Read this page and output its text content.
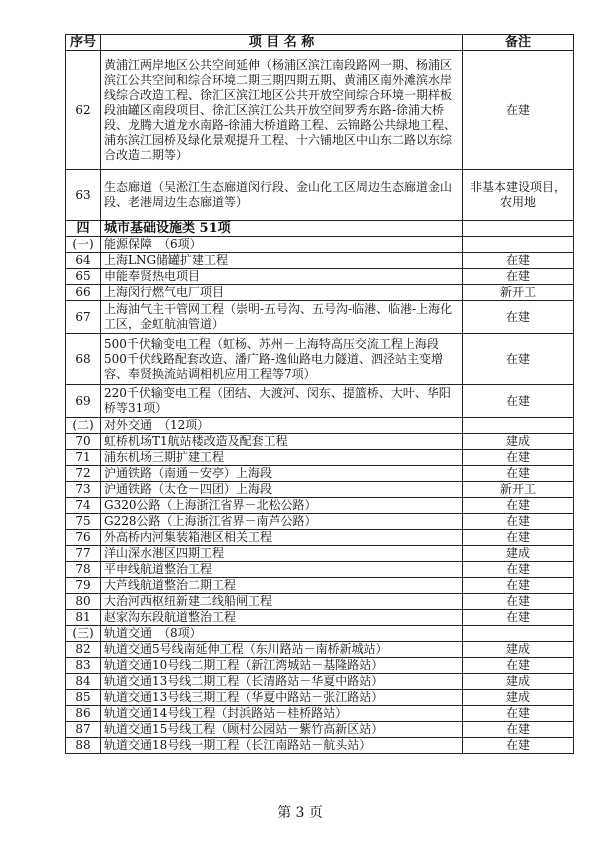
序号	项 目 名 称	备注
62	黄浦江两岸地区公共空间延伸（杨浦区滨江南段路网一期、杨浦区滨江公共空间和综合环境二期三期四期五期、黄浦区南外滩滨水岸线综合改造工程、徐汇区滨江地区公共开放空间综合环境一期样板段油罐区南段项目、徐汇区滨江公共开放空间罗秀东路-徐浦大桥段、龙腾大道龙水南路-徐浦大桥道路工程、云锦路公共绿地工程、浦东滨江园桥及绿化景观提升工程、十六铺地区中山东二路以东综合改造二期等）	在建
63	生态廊道（吴淞江生态廊道闵行段、金山化工区周边生态廊道金山段、老港周边生态廊道等）	非基本建设项目，农用地
四	城市基础设施类 51项	
(一)	能源保障　（6项）	
64	上海LNG储罐扩建工程	在建
65	申能奉贤热电项目	在建
66	上海闵行燃气电厂项目	新开工
67	上海油气主干管网工程（崇明-五号沟、五号沟-临港、临港-上海化工区，金虹航油管道）	在建
68	500千伏输变电工程（虹杨、苏州－上海特高压交流工程上海段500千伏线路配套改造、潘广路-逸仙路电力隧道、泗泾站主变增容、奉贤换流站调相机应用工程等7项）	在建
69	220千伏输变电工程（团结、大渡河、闵东、提篮桥、大叶、华阳桥等31项）	在建
(二)	对外交通　（12项）	
70	虹桥机场T1航站楼改造及配套工程	建成
71	浦东机场三期扩建工程	在建
72	沪通铁路（南通－安亭）上海段	在建
73	沪通铁路（太仓－四团）上海段	新开工
74	G320公路（上海浙江省界－北松公路）	在建
75	G228公路（上海浙江省界－南芦公路）	在建
76	外高桥内河集装箱港区相关工程	在建
77	洋山深水港区四期工程	建成
78	平申线航道整治工程	在建
79	大芦线航道整治二期工程	在建
80	大治河西枢纽新建二线船闸工程	在建
81	赵家沟东段航道整治工程	在建
(三)	轨道交通　（8项）	
82	轨道交通5号线南延伸工程（东川路站－南桥新城站）	建成
83	轨道交通10号线二期工程（新江湾城站－基隆路站）	在建
84	轨道交通13号线二期工程（长清路站－华夏中路站）	建成
85	轨道交通13号线三期工程（华夏中路站－张江路站）	建成
86	轨道交通14号线工程（封浜路站－桂桥路站）	在建
87	轨道交通15号线工程（顾村公园站－紫竹高新区站）	在建
88	轨道交通18号线一期工程（长江南路站－航头站）	在建
第 3 页
